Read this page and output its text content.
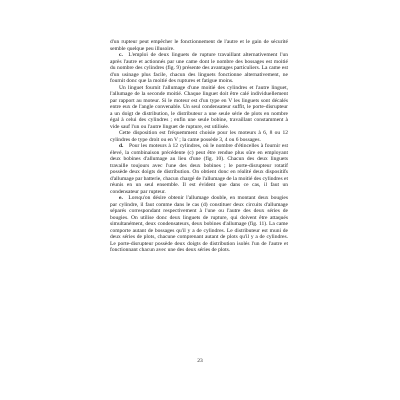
d'un rupteur peut empêcher le fonctionnement de l'autre et le gain de sécurité semble quelque peu illusoire.

c.  L'emploi de deux linguets de rupture travaillant alternativement l'un après l'autre et actionnés par une came dont le nombre des bossages est moitié du nombre des cylindres (fig. 9) présente des avantages particuliers. La came est d'un usinage plus facile, chacun des linguets fonctionne alternativement, ne fournit donc que la moitié des ruptures et fatigue moins.

Un linguet fournit l'allumage d'une moitié des cylindres et l'autre linguet, l'allumage de la seconde moitié. Chaque linguet doit être calé individuellement par rapport au moteur. Si le moteur est d'un type en V les linguets sont décalés entre eux de l'angle convenable. Un seul condensateur suffit, le porte-disrupteur a un doigt de distribution, le distributeur a une seule série de plots en nombre égal à celui des cylindres ; enfin une seule bobine, travaillant constamment à vide sauf l'un ou l'autre linguet de rupture, est utilisée.

Cette disposition est fréquemment choisie pour les moteurs à 6, 8 ou 12 cylindres de type droit ou en V ; la came possède 3, 4 ou 6 bossages.

d.  Pour les moteurs à 12 cylindres, où le nombre d'étincelles à fournir est élevé, la combinaison précédente (c) peut être rendue plus sûre en employant deux bobines d'allumage au lieu d'une (fig. 10). Chacun des deux linguets travaille toujours avec l'une des deux bobines ; le porte-disrupteur rotatif possède deux doigts de distribution. On obtient donc en réalité deux dispositifs d'allumage par batterie, chacun chargé de l'allumage de la moitié des cylindres et réunis en un seul ensemble. Il est évident que dans ce cas, il faut un condensateur par rupteur.

e.  Lorsqu'on désire obtenir l'allumage double, en montant deux bougies par cylindre, il faut comme dans le cas (d) constituer deux circuits d'allumage séparés correspondant respectivement à l'une ou l'autre des deux séries de bougies. On utilise donc deux linguets de rupture, qui doivent être attaqués simultanément, deux condensateurs, deux bobines d'allumage (fig. 11). La came comporte autant de bossages qu'il y a de cylindres. Le distributeur est muni de deux séries de plots, chacune comprenant autant de plots qu'il y a de cylindres. Le porte-disrupteur possède deux doigts de distribution isolés l'un de l'autre et fonctionnant chacun avec une des deux séries de plots.

23
